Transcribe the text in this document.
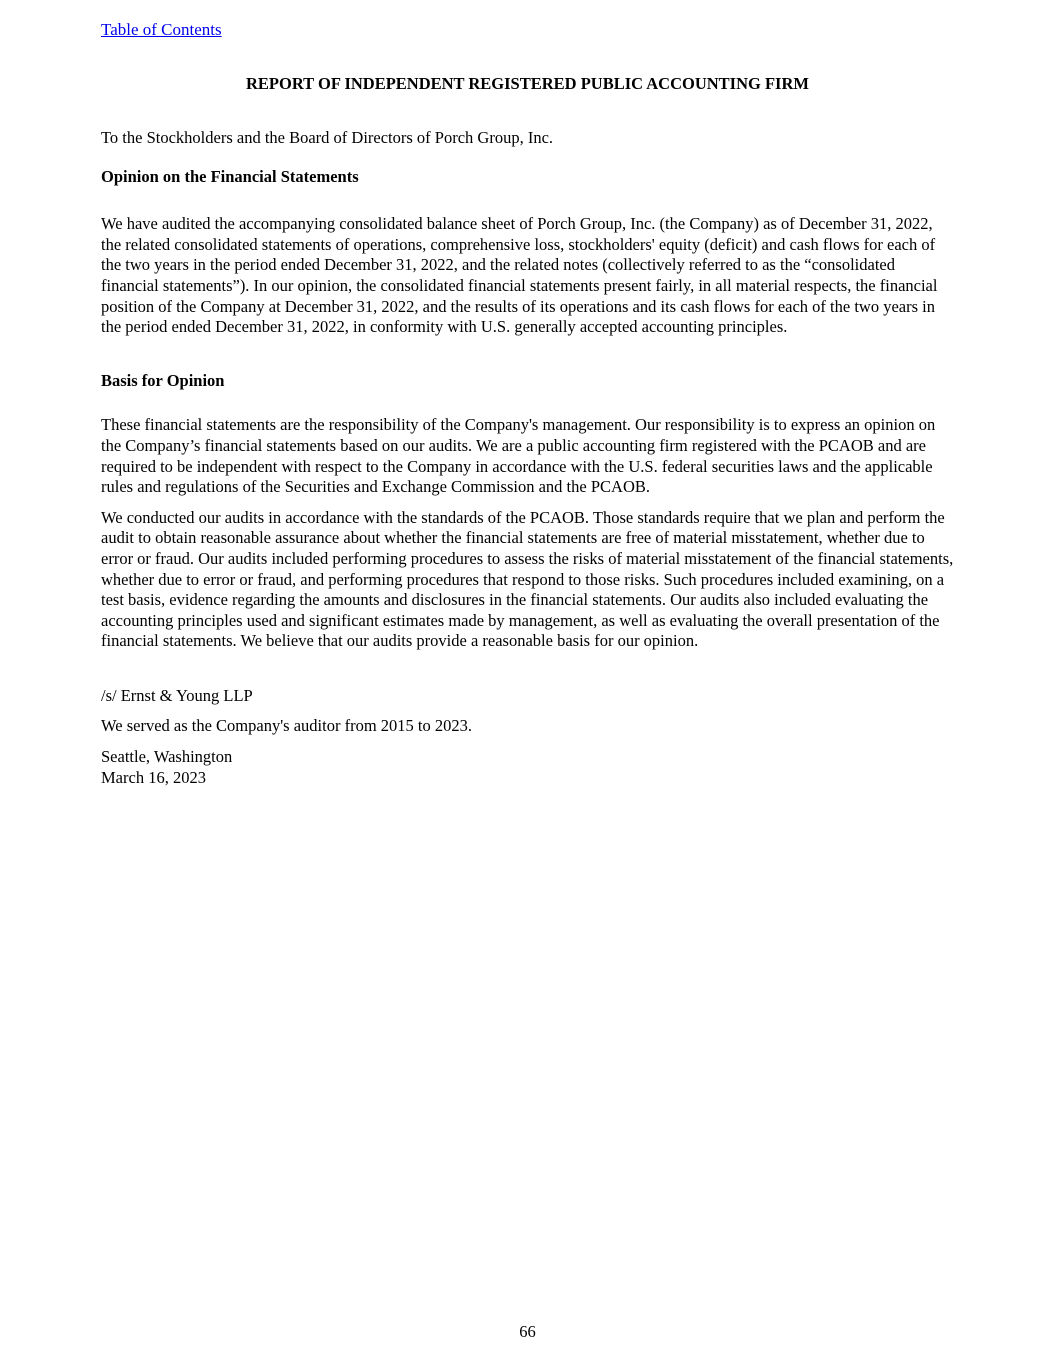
Table of Contents
REPORT OF INDEPENDENT REGISTERED PUBLIC ACCOUNTING FIRM

To the Stockholders and the Board of Directors of Porch Group, Inc.

Opinion on the Financial Statements

We have audited the accompanying consolidated balance sheet of Porch Group, Inc. (the Company) as of December 31, 2022, the related consolidated statements of operations, comprehensive loss, stockholders' equity (deficit) and cash flows for each of the two years in the period ended December 31, 2022, and the related notes (collectively referred to as the “consolidated financial statements”). In our opinion, the consolidated financial statements present fairly, in all material respects, the financial position of the Company at December 31, 2022, and the results of its operations and its cash flows for each of the two years in the period ended December 31, 2022, in conformity with U.S. generally accepted accounting principles.

Basis for Opinion

These financial statements are the responsibility of the Company's management. Our responsibility is to express an opinion on the Company’s financial statements based on our audits. We are a public accounting firm registered with the PCAOB and are required to be independent with respect to the Company in accordance with the U.S. federal securities laws and the applicable rules and regulations of the Securities and Exchange Commission and the PCAOB.

We conducted our audits in accordance with the standards of the PCAOB. Those standards require that we plan and perform the audit to obtain reasonable assurance about whether the financial statements are free of material misstatement, whether due to error or fraud. Our audits included performing procedures to assess the risks of material misstatement of the financial statements, whether due to error or fraud, and performing procedures that respond to those risks. Such procedures included examining, on a test basis, evidence regarding the amounts and disclosures in the financial statements. Our audits also included evaluating the accounting principles used and significant estimates made by management, as well as evaluating the overall presentation of the financial statements. We believe that our audits provide a reasonable basis for our opinion.

/s/ Ernst & Young LLP

We served as the Company's auditor from 2015 to 2023.

Seattle, Washington

March 16, 2023

66
